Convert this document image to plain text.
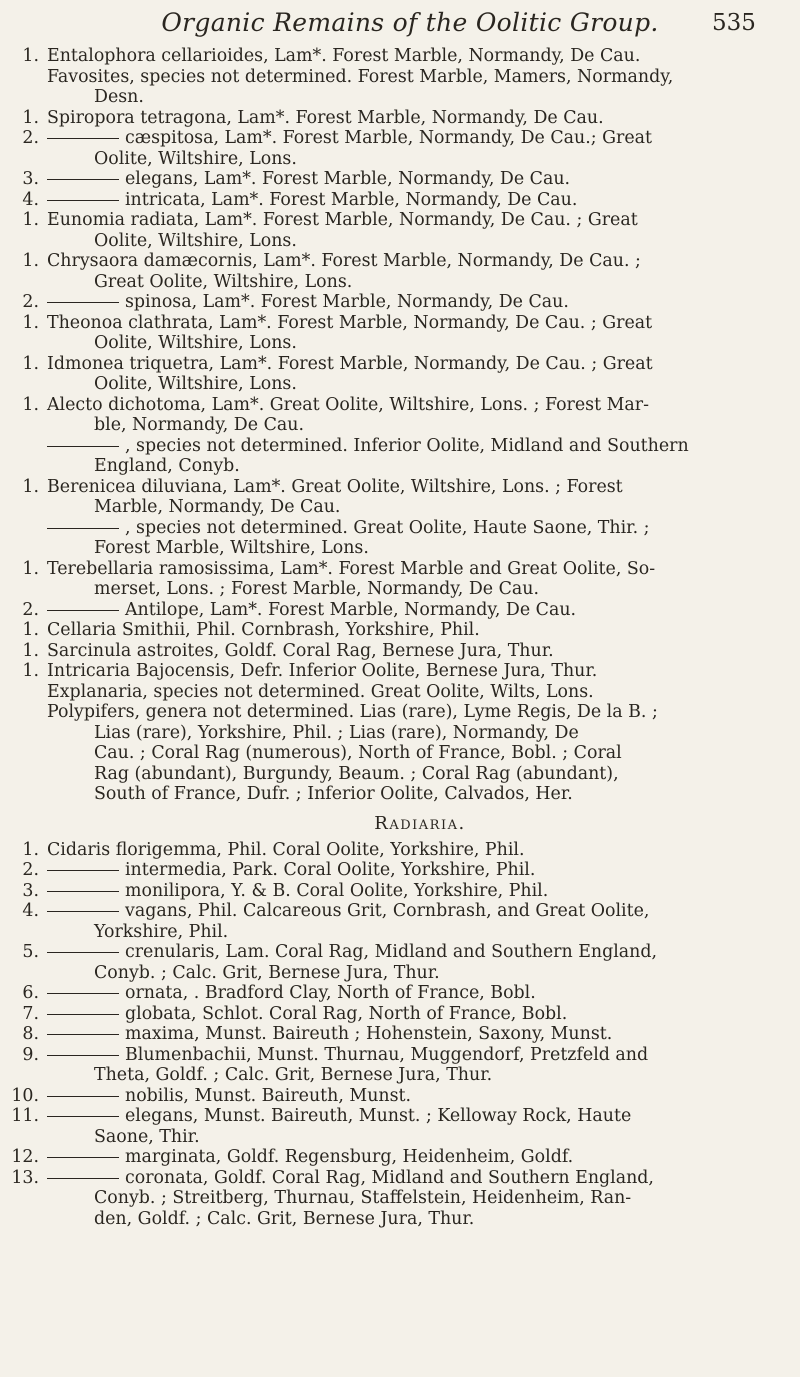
Organic Remains of the Oolitic Group.	535
1. Entalophora cellarioides, Lam*. Forest Marble, Normandy, De Cau.
Favosites, species not determined. Forest Marble, Mamers, Normandy,
Desn.
1. Spiropora tetragona, Lam*. Forest Marble, Normandy, De Cau.
2.	cæspitosa, Lam*. Forest Marble, Normandy, De Cau.; Great
Oolite, Wiltshire, Lons.
3.	elegans, Lam*. Forest Marble, Normandy, De Cau.
4.	intricata, Lam*. Forest Marble, Normandy, De Cau.
1. Eunomia radiata, Lam*. Forest Marble, Normandy, De Cau. ; Great
Oolite, Wiltshire, Lons.
1. Chrysaora damæcornis, Lam*. Forest Marble, Normandy, De Cau. ;
Great Oolite, Wiltshire, Lons.
2.	spinosa, Lam*. Forest Marble, Normandy, De Cau.
1. Theonoa clathrata, Lam*. Forest Marble, Normandy, De Cau. ; Great
Oolite, Wiltshire, Lons.
1. Idmonea triquetra, Lam*. Forest Marble, Normandy, De Cau. ; Great
Oolite, Wiltshire, Lons.
1. Alecto dichotoma, Lam*. Great Oolite, Wiltshire, Lons. ; Forest Mar-
ble, Normandy, De Cau.
, species not determined. Inferior Oolite, Midland and Southern
England, Conyb.
1. Berenicea diluviana, Lam*. Great Oolite, Wiltshire, Lons. ; Forest
Marble, Normandy, De Cau.
, species not determined. Great Oolite, Haute Saone, Thir. ;
Forest Marble, Wiltshire, Lons.
1. Terebellaria ramosissima, Lam*. Forest Marble and Great Oolite, So-
merset, Lons. ; Forest Marble, Normandy, De Cau.
2.	Antilope, Lam*. Forest Marble, Normandy, De Cau.
1. Cellaria Smithii, Phil. Cornbrash, Yorkshire, Phil.
1. Sarcinula astroites, Goldf. Coral Rag, Bernese Jura, Thur.
1. Intricaria Bajocensis, Defr. Inferior Oolite, Bernese Jura, Thur.
Explanaria, species not determined. Great Oolite, Wilts, Lons.
Polypifers, genera not determined. Lias (rare), Lyme Regis, De la B. ;
Lias (rare), Yorkshire, Phil. ; Lias (rare), Normandy, De
Cau. ; Coral Rag (numerous), North of France, Bobl. ; Coral
Rag (abundant), Burgundy, Beaum. ; Coral Rag (abundant),
South of France, Dufr. ; Inferior Oolite, Calvados, Her.
Radiaria.
1. Cidaris florigemma, Phil. Coral Oolite, Yorkshire, Phil.
2.	intermedia, Park. Coral Oolite, Yorkshire, Phil.
3.	monilipora, Y. & B. Coral Oolite, Yorkshire, Phil.
4.	vagans, Phil. Calcareous Grit, Cornbrash, and Great Oolite,
Yorkshire, Phil.
5.	crenularis, Lam. Coral Rag, Midland and Southern England,
Conyb. ; Calc. Grit, Bernese Jura, Thur.
6.	ornata, . Bradford Clay, North of France, Bobl.
7.	globata, Schlot. Coral Rag, North of France, Bobl.
8.	maxima, Munst. Baireuth ; Hohenstein, Saxony, Munst.
9.	Blumenbachii, Munst. Thurnau, Muggendorf, Pretzfeld and
Theta, Goldf. ; Calc. Grit, Bernese Jura, Thur.
10.	nobilis, Munst. Baireuth, Munst.
11.	elegans, Munst. Baireuth, Munst. ; Kelloway Rock, Haute
Saone, Thir.
12.	marginata, Goldf. Regensburg, Heidenheim, Goldf.
13.	coronata, Goldf. Coral Rag, Midland and Southern England,
Conyb. ; Streitberg, Thurnau, Staffelstein, Heidenheim, Ran-
den, Goldf. ; Calc. Grit, Bernese Jura, Thur.
